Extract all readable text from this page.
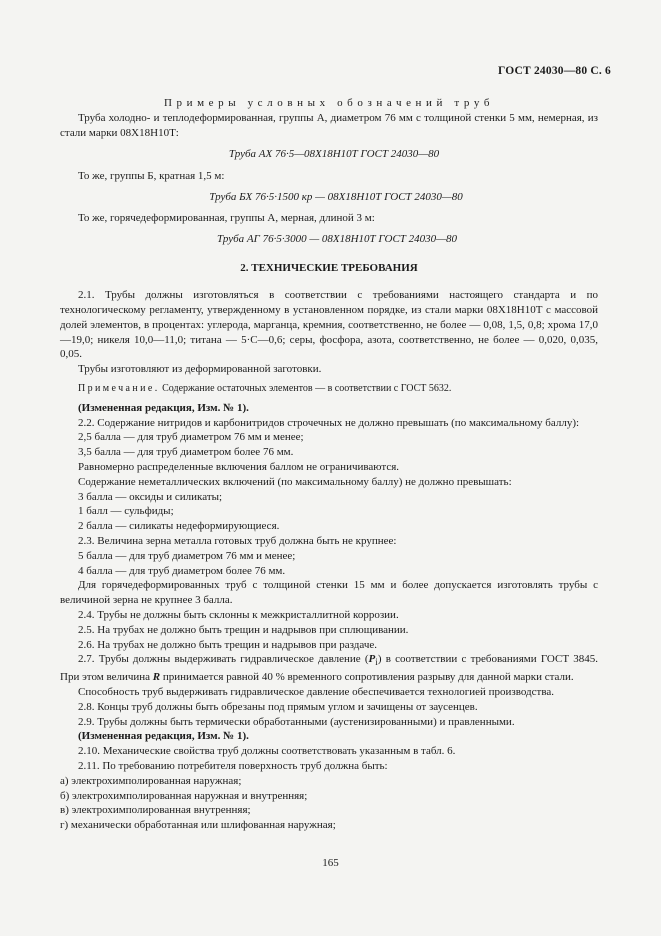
ГОСТ 24030—80 С. 6

Примеры условных обозначений труб

Труба холодно- и теплодеформированная, группы А, диаметром 76 мм с толщиной стенки 5 мм, немерная, из стали марки 08Х18Н10Т:

Труба АХ 76·5—08Х18Н10Т ГОСТ 24030—80

То же, группы Б, кратная 1,5 м:

Труба БХ 76·5·1500 кр — 08Х18Н10Т ГОСТ 24030—80

То же, горячедеформированная, группы А, мерная, длиной 3 м:

Труба АГ 76·5·3000 — 08Х18Н10Т ГОСТ 24030—80

2. ТЕХНИЧЕСКИЕ ТРЕБОВАНИЯ

2.1. Трубы должны изготовляться в соответствии с требованиями настоящего стандарта и по технологическому регламенту, утвержденному в установленном порядке, из стали марки 08Х18Н10Т с массовой долей элементов, в процентах: углерода, марганца, кремния, соответственно, не более — 0,08, 1,5, 0,8; хрома 17,0—19,0; никеля 10,0—11,0; титана — 5·С—0,6; серы, фосфора, азота, соответственно, не более — 0,020, 0,035, 0,05.

Трубы изготовляют из деформированной заготовки.

Примечание. Содержание остаточных элементов — в соответствии с ГОСТ 5632.

(Измененная редакция, Изм. № 1).

2.2. Содержание нитридов и карбонитридов строчечных не должно превышать (по максимальному баллу):

2,5 балла — для труб диаметром 76 мм и менее;

3,5 балла — для труб диаметром более 76 мм.

Равномерно распределенные включения баллом не ограничиваются.

Содержание неметаллических включений (по максимальному баллу) не должно превышать:

3 балла — оксиды и силикаты;

1 балл — сульфиды;

2 балла — силикаты недеформирующиеся.

2.3. Величина зерна металла готовых труб должна быть не крупнее:

5 балла — для труб диаметром 76 мм и менее;

4 балла — для труб диаметром более 76 мм.

Для горячедеформированных труб с толщиной стенки 15 мм и более допускается изготовлять трубы с величиной зерна не крупнее 3 балла.

2.4. Трубы не должны быть склонны к межкристаллитной коррозии.

2.5. На трубах не должно быть трещин и надрывов при сплющивании.

2.6. На трубах не должно быть трещин и надрывов при раздаче.

2.7. Трубы должны выдерживать гидравлическое давление $(P_i)$ в соответствии с требованиями ГОСТ 3845. При этом величина R принимается равной 40 % временного сопротивления разрыву для данной марки стали.

Способность труб выдерживать гидравлическое давление обеспечивается технологией производства.

2.8. Концы труб должны быть обрезаны под прямым углом и зачищены от заусенцев.

2.9. Трубы должны быть термически обработанными (аустенизированными) и правленными.

(Измененная редакция, Изм. № 1).

2.10. Механические свойства труб должны соответствовать указанным в табл. 6.

2.11. По требованию потребителя поверхность труб должна быть:

а) электрохимполированная наружная;

б) электрохимполированная наружная и внутренняя;

в) электрохимполированная внутренняя;

г) механически обработанная или шлифованная наружная;

165
